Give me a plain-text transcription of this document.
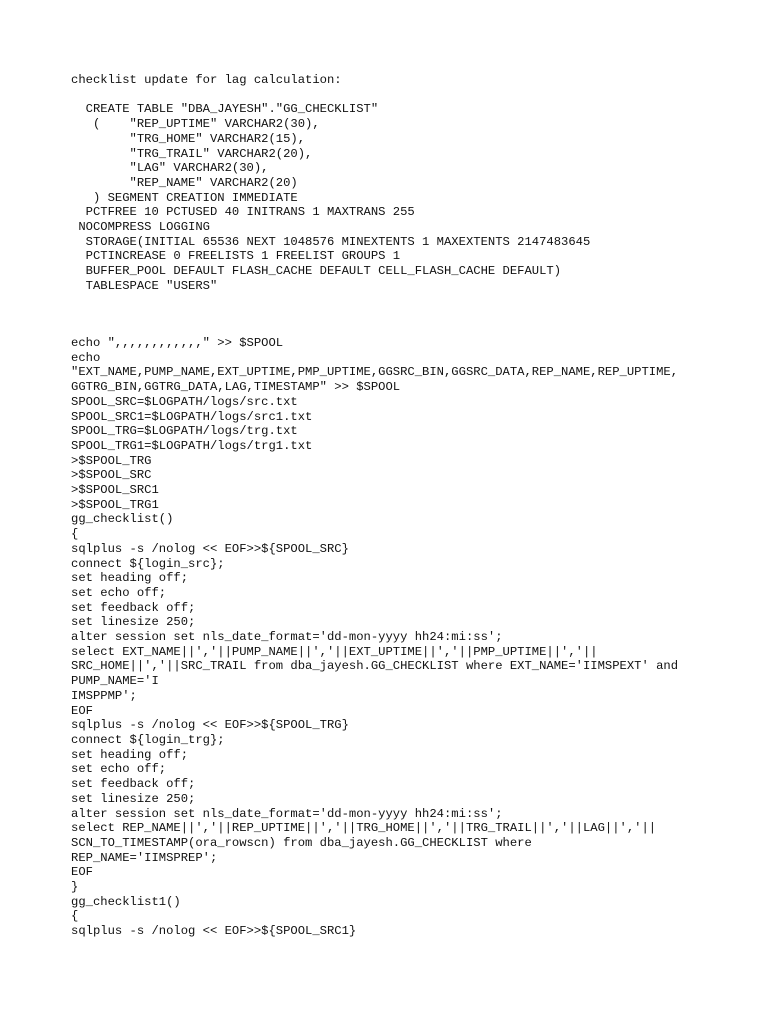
checklist update for lag calculation:

CREATE TABLE "DBA_JAYESH"."GG_CHECKLIST"
(    "REP_UPTIME" VARCHAR2(30),
"TRG_HOME" VARCHAR2(15),
"TRG_TRAIL" VARCHAR2(20),
"LAG" VARCHAR2(30),
"REP_NAME" VARCHAR2(20)
) SEGMENT CREATION IMMEDIATE
PCTFREE 10 PCTUSED 40 INITRANS 1 MAXTRANS 255
NOCOMPRESS LOGGING
STORAGE(INITIAL 65536 NEXT 1048576 MINEXTENTS 1 MAXEXTENTS 2147483645
PCTINCREASE 0 FREELISTS 1 FREELIST GROUPS 1
BUFFER_POOL DEFAULT FLASH_CACHE DEFAULT CELL_FLASH_CACHE DEFAULT)
TABLESPACE "USERS"
echo ",,,,,,,,,,,," >> $SPOOL
echo
"EXT_NAME,PUMP_NAME,EXT_UPTIME,PMP_UPTIME,GGSRC_BIN,GGSRC_DATA,REP_NAME,REP_UPTIME,
GGTRG_BIN,GGTRG_DATA,LAG,TIMESTAMP" >> $SPOOL
SPOOL_SRC=$LOGPATH/logs/src.txt
SPOOL_SRC1=$LOGPATH/logs/src1.txt
SPOOL_TRG=$LOGPATH/logs/trg.txt
SPOOL_TRG1=$LOGPATH/logs/trg1.txt
>$SPOOL_TRG
>$SPOOL_SRC
>$SPOOL_SRC1
>$SPOOL_TRG1
gg_checklist()
{
sqlplus -s /nolog << EOF>>${SPOOL_SRC}
connect ${login_src};
set heading off;
set echo off;
set feedback off;
set linesize 250;
alter session set nls_date_format='dd-mon-yyyy hh24:mi:ss';
select EXT_NAME||','||PUMP_NAME||','||EXT_UPTIME||','||PMP_UPTIME||','||
SRC_HOME||','||SRC_TRAIL from dba_jayesh.GG_CHECKLIST where EXT_NAME='IIMSPEXT' and
PUMP_NAME='I
IMSPPMP';
EOF
sqlplus -s /nolog << EOF>>${SPOOL_TRG}
connect ${login_trg};
set heading off;
set echo off;
set feedback off;
set linesize 250;
alter session set nls_date_format='dd-mon-yyyy hh24:mi:ss';
select REP_NAME||','||REP_UPTIME||','||TRG_HOME||','||TRG_TRAIL||','||LAG||','||
SCN_TO_TIMESTAMP(ora_rowscn) from dba_jayesh.GG_CHECKLIST where
REP_NAME='IIMSPREP';
EOF
}
gg_checklist1()
{
sqlplus -s /nolog << EOF>>${SPOOL_SRC1}
